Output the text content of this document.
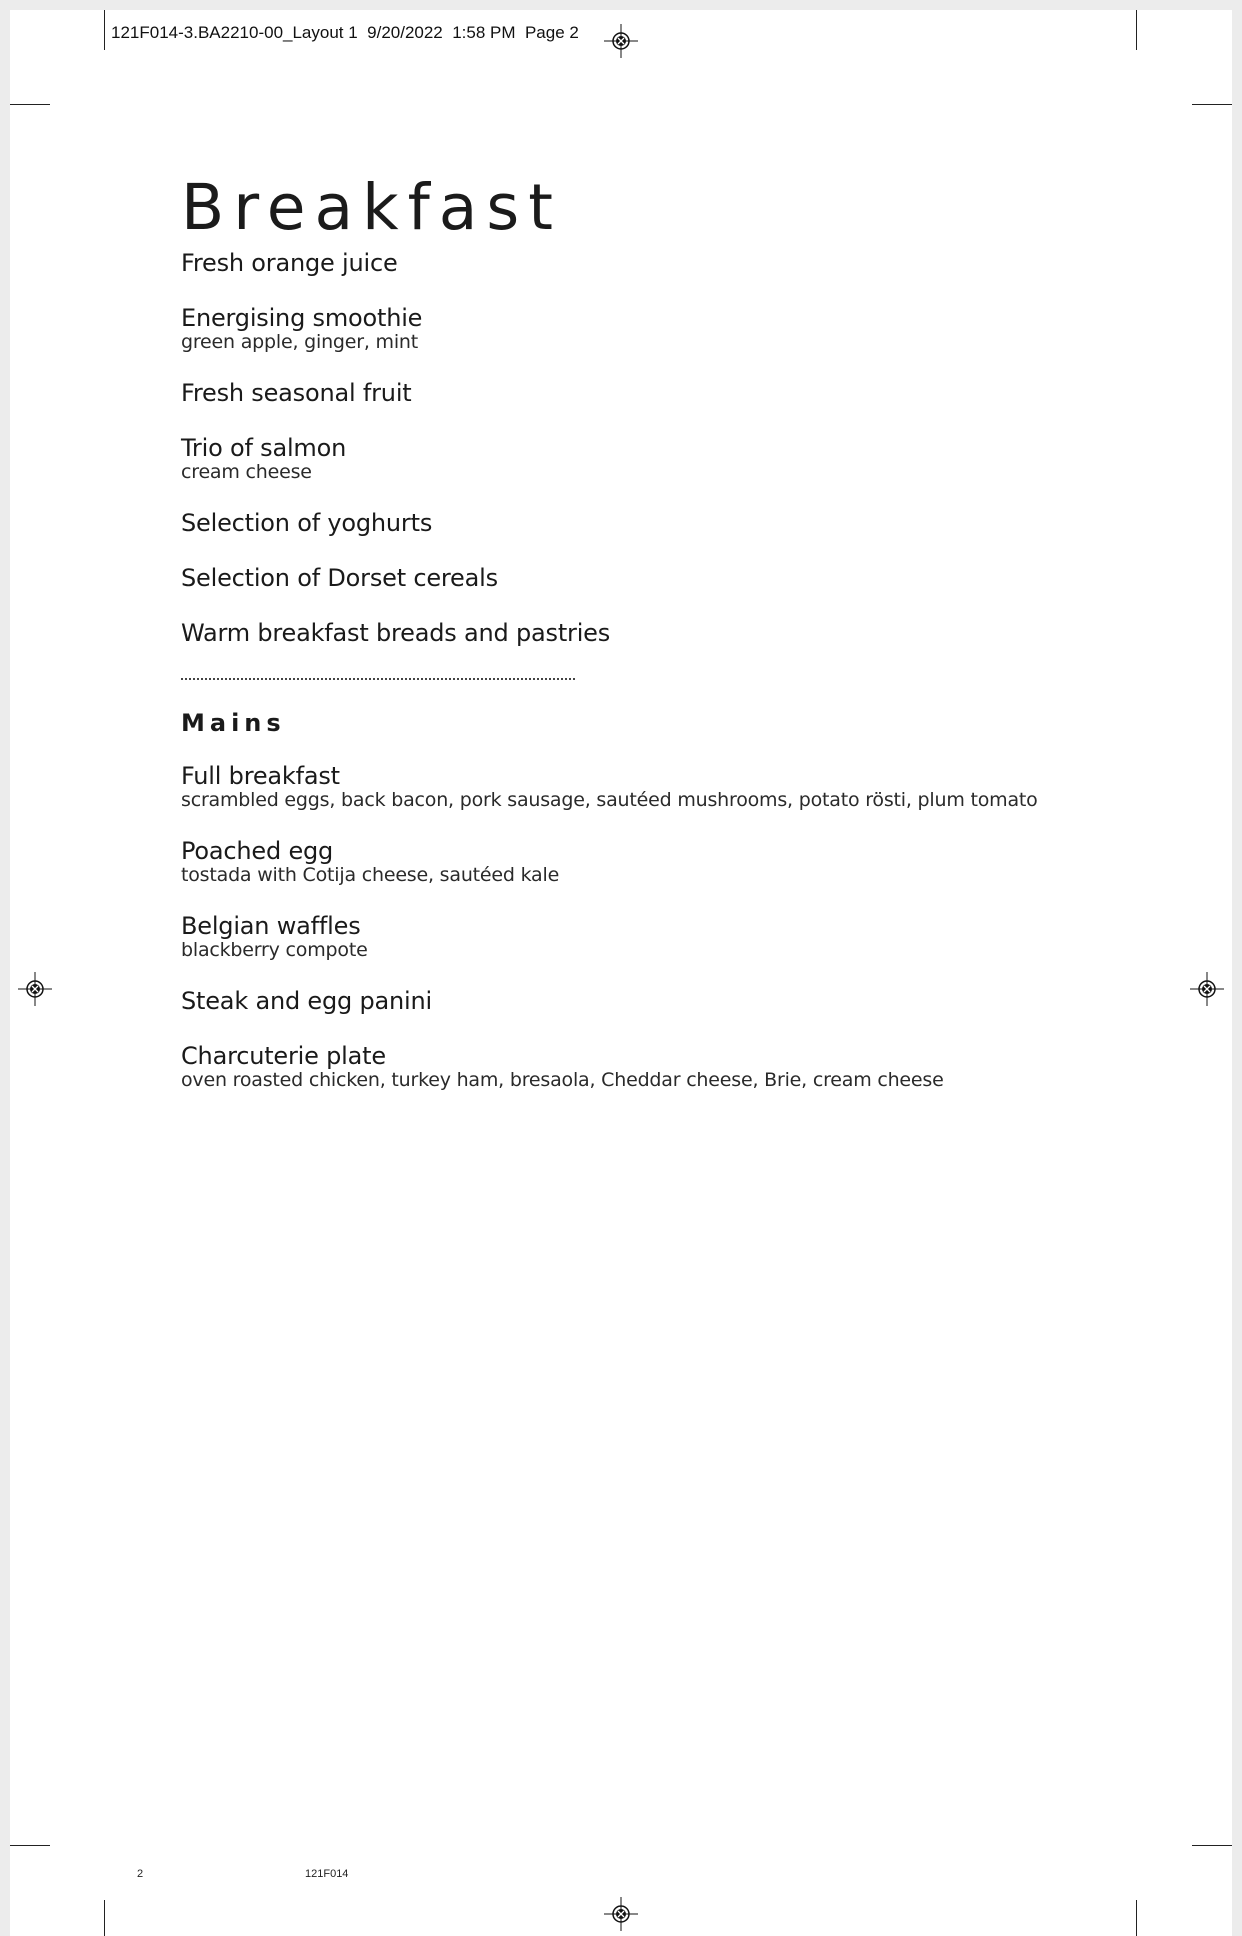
121F014-3.BA2210-00_Layout 1  9/20/2022  1:58 PM  Page 2
Breakfast
Fresh orange juice
Energising smoothie
green apple, ginger, mint
Fresh seasonal fruit
Trio of salmon
cream cheese
Selection of yoghurts
Selection of Dorset cereals
Warm breakfast breads and pastries
Mains
Full breakfast
scrambled eggs, back bacon, pork sausage, sautéed mushrooms, potato rösti, plum tomato
Poached egg
tostada with Cotija cheese, sautéed kale
Belgian waffles
blackberry compote
Steak and egg panini
Charcuterie plate
oven roasted chicken, turkey ham, bresaola, Cheddar cheese, Brie, cream cheese
2	121F014
